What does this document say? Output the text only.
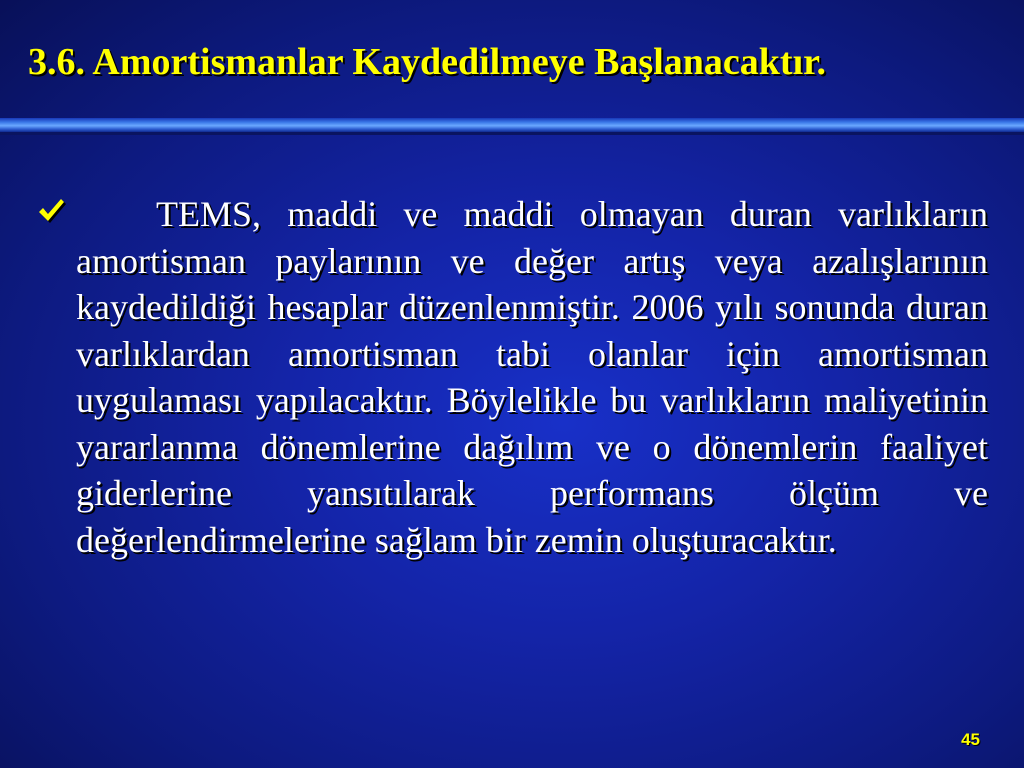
3.6. Amortismanlar Kaydedilmeye Başlanacaktır.

TEMS, maddi ve maddi olmayan duran varlıkların amortisman paylarının ve değer artış veya azalışlarının kaydedildiği hesaplar düzenlenmiştir. 2006 yılı sonunda duran varlıklardan amortisman tabi olanlar için amortisman uygulaması yapılacaktır. Böylelikle bu varlıkların maliyetinin yararlanma dönemlerine dağılım ve o dönemlerin faaliyet giderlerine yansıtılarak performans ölçüm ve değerlendirmelerine sağlam bir zemin oluşturacaktır.

45
